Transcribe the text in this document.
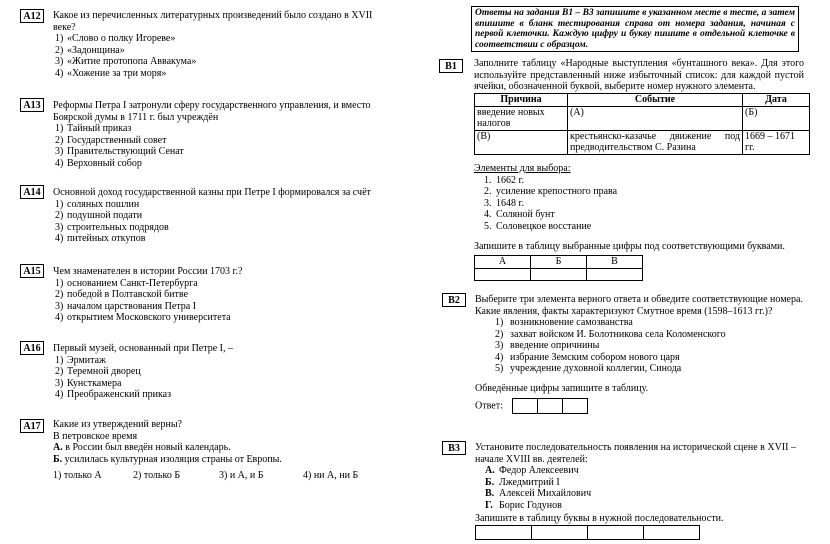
A12	Какое из перечисленных литературных произведений было создано в XVII веке?

1) «Слово о полку Игореве»
2) «Задонщина»
3) «Житие протопопа Аввакума»
4) «Хожение за три моря»
A13	Реформы Петра I затронули сферу государственного управления, и вместо Боярской думы в 1711 г. был учреждён

1) Тайный приказ
2) Государственный совет
3) Правительствующий Сенат
4) Верховный собор
A14	Основной доход государственной казны при Петре I формировался за счёт

1) соляных пошлин
2) подушной подати
3) строительных подрядов
4) питейных откупов
A15	Чем знаменателен в истории России 1703 г.?

1) основанием Санкт-Петербурга
2) победой в Полтавской битве
3) началом царствования Петра I
4) открытием Московского университета
A16	Первый музей, основанный при Петре I, –

1) Эрмитаж
2) Теремной дворец
3) Кунсткамера
4) Преображенский приказ
A17	Какие из утверждений верны?

В петровское время

А. в России был введён новый календарь.

Б. усилилась культурная изоляция страны от Европы.

1) только А	2) только Б	3) и А, и Б	4) ни А, ни Б

Ответы на задания В1 – В3 запишите в указанном месте в тесте, а затем впишите в бланк тестирования справа от номера задания, начиная с первой клеточки. Каждую цифру и букву пишите в отдельной клеточке в соответствии с образцом.
В1	Заполните таблицу «Народные выступления «бунташного века». Для этого используйте представленный ниже избыточный список: для каждой пустой ячейки, обозначенной буквой, выберите номер нужного элемента.

Причина	Событие	Дата
введение новых налогов	(А)	(Б)
(В)	крестьянско-казачье движение под предводительством С. Разина	1669 – 1671 гг.

Элементы для выбора:

1. 1662 г.
2. усиление крепостного права
3. 1648 г.
4. Соляной бунт
5. Соловецкое восстание
Запишите в таблицу выбранные цифры под соответствующими буквами.
А	Б	В

В2	Выберите три элемента верного ответа и обведите соответствующие номера.

Какие явления, факты характеризуют Смутное время (1598–1613 гг.)?

1) возникновение самозванства
2) захват войском И. Болотникова села Коломенского
3) введение опричнины
4) избрание Земским собором нового царя
5) учреждение духовной коллегии, Синода

Обведённые цифры запишите в таблицу.

Ответ:

В3	Установите последовательность появления на исторической сцене в XVII – начале XVIII вв. деятелей:

А. Федор Алексеевич
Б. Лжедмитрий I
В. Алексей Михайлович
Г. Борис Годунов

Запишите в таблицу буквы в нужной последовательности.
